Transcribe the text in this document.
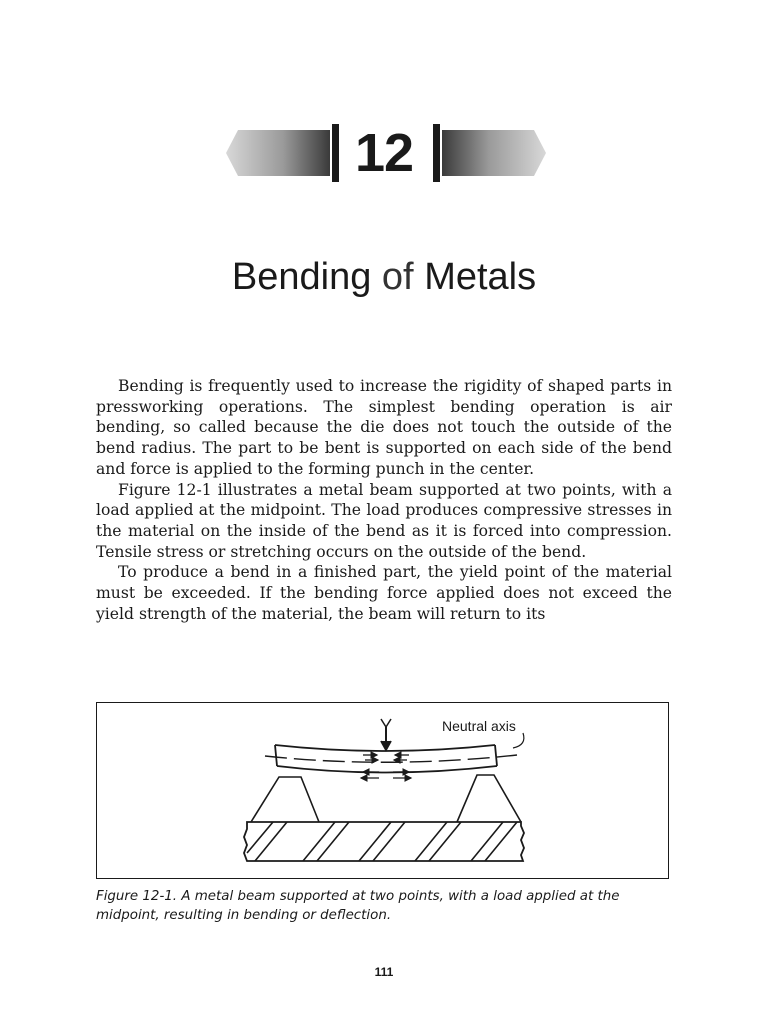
12
Bending of Metals

Bending is frequently used to increase the rigidity of shaped parts in pressworking operations. The simplest bending operation is air bending, so called because the die does not touch the outside of the bend radius. The part to be bent is supported on each side of the bend and force is applied to the forming punch in the center.

Figure 12-1 illustrates a metal beam supported at two points, with a load applied at the midpoint. The load produces compressive stresses in the material on the inside of the bend as it is forced into compression. Tensile stress or stretching occurs on the outside of the bend.

To produce a bend in a finished part, the yield point of the material must be exceeded. If the bending force applied does not exceed the yield strength of the material, the beam will return to its

Neutral axis
Figure 12-1. A metal beam supported at two points, with a load applied at the midpoint, resulting in bending or deflection.
111
